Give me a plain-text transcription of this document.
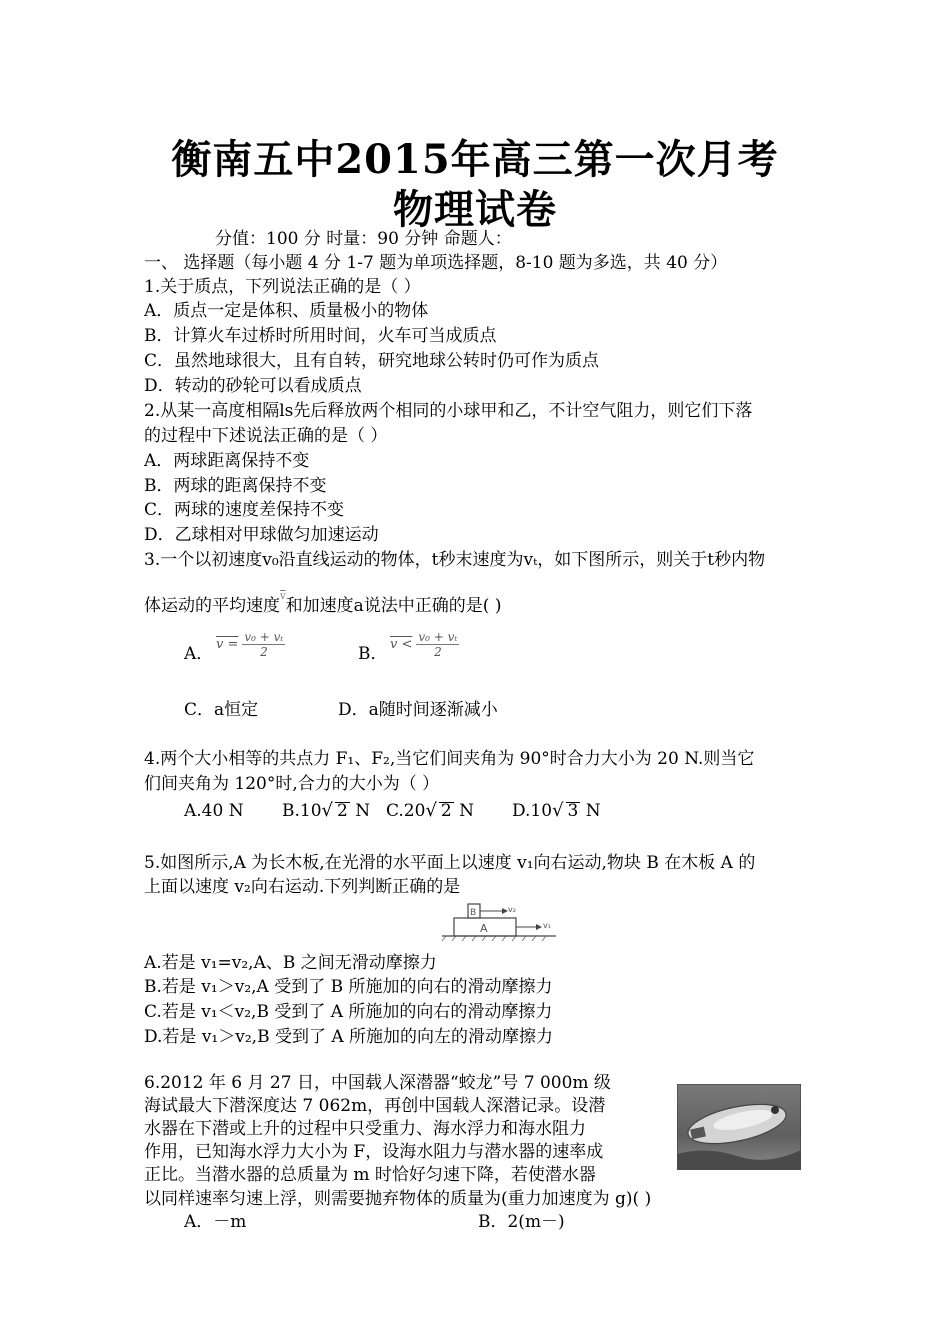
衡南五中2015年高三第一次月考
物理试卷
分值：100 分 时量：90 分钟 命题人：
一、 选择题（每小题 4 分 1-7 题为单项选择题，8-10 题为多选，共 40 分）
1.关于质点，下列说法正确的是（ ）
A．质点一定是体积、质量极小的物体
B．计算火车过桥时所用时间，火车可当成质点
C．虽然地球很大，且有自转，研究地球公转时仍可作为质点
D．转动的砂轮可以看成质点
2.从某一高度相隔ls先后释放两个相同的小球甲和乙，不计空气阻力，则它们下落
的过程中下述说法正确的是（ ）
A．两球距离保持不变
B．两球的距离保持不变
C．两球的速度差保持不变
D．乙球相对甲球做匀加速运动
3.一个以初速度v₀沿直线运动的物体，t秒末速度为vₜ，如下图所示，则关于t秒内物
体运动的平均速度$^{\overline{v}}$和加速度a说法中正确的是( )
A． $v = \frac{\text{v₀ + vₜ}}{2}$	B． $v < \frac{\text{v₀ + vₜ}}{2}$
C．a恒定	D．a随时间逐渐减小
4.两个大小相等的共点力 F₁、F₂,当它们间夹角为 90°时合力大小为 20 N.则当它
们间夹角为 120°时,合力的大小为（ ）
A.40 N B.10√ 2 N C.20√ 2 N D.10√ 3 N
5.如图所示,A 为长木板,在光滑的水平面上以速度 v₁向右运动,物块 B 在木板 A 的
上面以速度 v₂向右运动.下列判断正确的是
A
B	v₂
v₁
A.若是 v₁=v₂,A、B 之间无滑动摩擦力
B.若是 v₁＞v₂,A 受到了 B 所施加的向右的滑动摩擦力
C.若是 v₁＜v₂,B 受到了 A 所施加的向右的滑动摩擦力
D.若是 v₁＞v₂,B 受到了 A 所施加的向左的滑动摩擦力
6.2012 年 6 月 27 日，中国载人深潜器“蛟龙”号 7 000m 级
海试最大下潜深度达 7 062m，再创中国载人深潜记录。设潜
水器在下潜或上升的过程中只受重力、海水浮力和海水阻力
作用，已知海水浮力大小为 F，设海水阻力与潜水器的速率成
正比。当潜水器的总质量为 m 时恰好匀速下降，若使潜水器
以同样速率匀速上浮，则需要抛弃物体的质量为(重力加速度为 g)( )
A．－m	B．2(m－)
